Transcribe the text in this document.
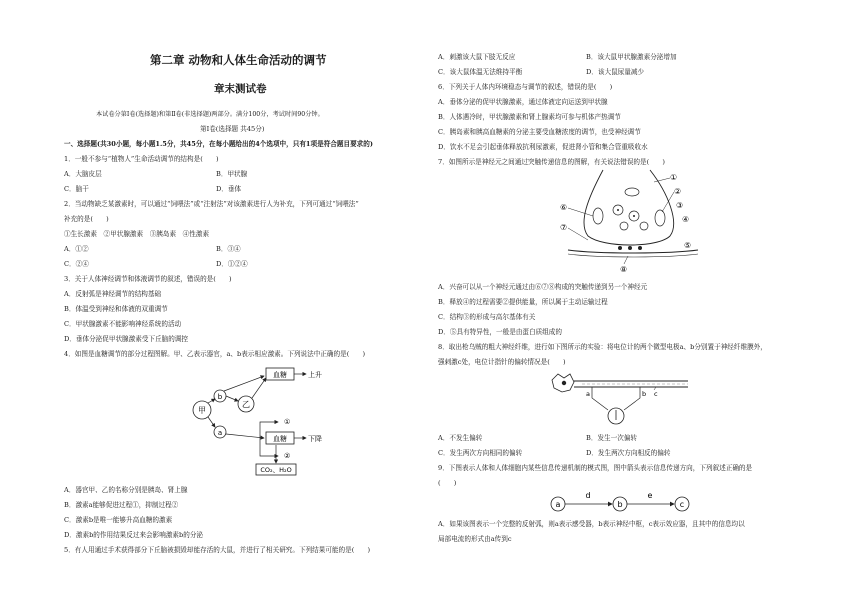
第二章 动物和人体生命活动的调节
章末测试卷
本试卷分第Ⅰ卷(选择题)和第Ⅱ卷(非选择题)两部分。满分100分，考试时间90分钟。
第Ⅰ卷(选择题 共45分)
一、选择题(共30小题，每小题1.5分，共45分，在每小题给出的4个选项中，只有1项是符合题目要求的)
1．一般不参与“植物人”生命活动调节的结构是(　　)
A．大脑皮层	B．甲状腺
C．脑干	D．垂体
2．当动物缺乏某激素时，可以通过“饲喂法”或“注射法”对该激素进行人为补充，下列可通过“饲喂法”
补充的是(　　)
①生长激素　②甲状腺激素　③胰岛素　④性激素
A．①②	B．③④
C．②④	D．①②④
3．关于人体神经调节和体液调节的叙述，错误的是(　　)
A．反射弧是神经调节的结构基础
B．体温受到神经和体液的双重调节
C．甲状腺激素不能影响神经系统的活动
D．垂体分泌促甲状腺激素受下丘脑的调控
4．如图是血糖调节的部分过程图解。甲、乙表示器官，a、b表示相应激素。下列说法中正确的是(　　)
甲
b
a
乙
血糖	上升
血糖	下降
①
②
CO₂、H₂O
A．器官甲、乙的名称分别是胰岛、肾上腺
B．激素a能够促进过程①，抑制过程②
C．激素b是唯一能够升高血糖的激素
D．激素b的作用结果反过来会影响激素b的分泌
5．有人用通过手术获得部分下丘脑被损毁却能存活的大鼠，并进行了相关研究。下列结果可能的是(　　)
A．刺激该大鼠下肢无反应	B．该大鼠甲状腺激素分泌增加
C．该大鼠体温无法维持平衡	D．该大鼠尿量减少
6．下列关于人体内环境稳态与调节的叙述，错误的是(　　)
A．垂体分泌的促甲状腺激素，通过体液定向运送到甲状腺
B．人体遇冷时，甲状腺激素和肾上腺素均可参与机体产热调节
C．胰岛素和胰高血糖素的分泌主要受血糖浓度的调节，也受神经调节
D．饮水不足会引起垂体释放抗利尿激素，促进肾小管和集合管重吸收水
7．如图所示是神经元之间通过突触传递信息的图解，有关说法错误的是(　　)
①
②
③
④
⑤
⑥
⑦
⑧
A．兴奋可以从一个神经元通过由⑥⑦⑧构成的突触传递到另一个神经元
B．释放④的过程需要②提供能量，所以属于主动运输过程
C．结构③的形成与高尔基体有关
D．⑤具有特异性，一般是由蛋白质组成的
8．取出枪乌贼的粗大神经纤维，进行如下图所示的实验：将电位计的两个微型电极a、b分别置于神经纤维膜外，
强刺激c处，电位计指针的偏转情况是(　　)
a	b c
A．不发生偏转	B．发生一次偏转
C．发生两次方向相同的偏转	D．发生两次方向相反的偏转
9．下图表示人体和人体细胞内某些信息传递机制的模式图，图中箭头表示信息传递方向，下列叙述正确的是
(　　)
a	b	c
d	e
A．如果该图表示一个完整的反射弧，则a表示感受器，b表示神经中枢，c表示效应器，且其中的信息均以
局部电流的形式由a传到c
